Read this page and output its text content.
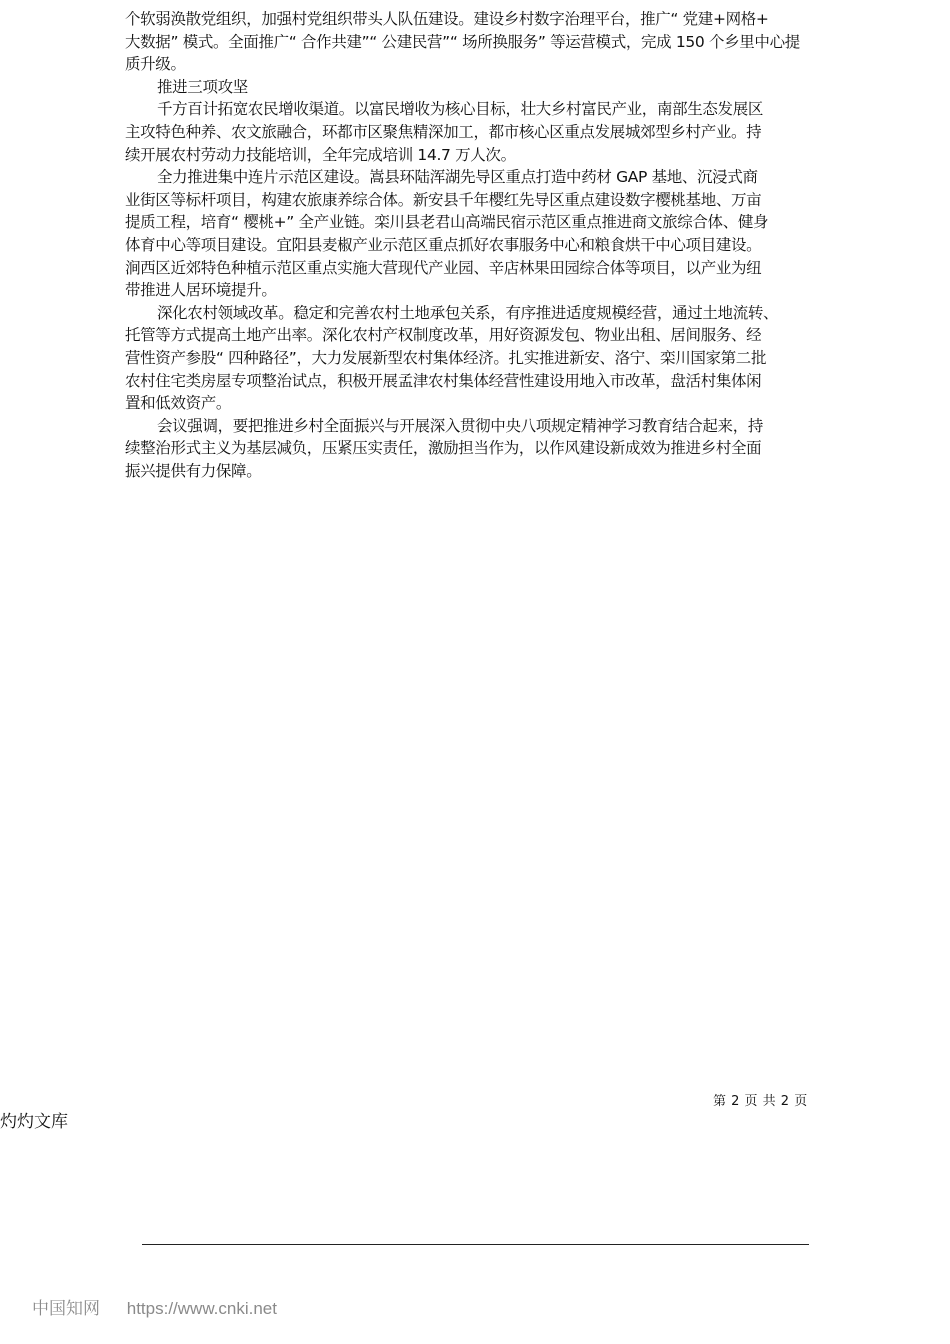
个软弱涣散党组织，加强村党组织带头人队伍建设。建设乡村数字治理平台，推广“ 党建+网格+
大数据” 模式。全面推广“ 合作共建”“ 公建民营”“ 场所换服务” 等运营模式，完成 150 个乡里中心提
质升级。
推进三项攻坚
千方百计拓宽农民增收渠道。以富民增收为核心目标，壮大乡村富民产业，南部生态发展区
主攻特色种养、农文旅融合，环都市区聚焦精深加工，都市核心区重点发展城郊型乡村产业。持
续开展农村劳动力技能培训，全年完成培训 14.7 万人次。
全力推进集中连片示范区建设。嵩县环陆浑湖先导区重点打造中药材 GAP 基地、沉浸式商
业街区等标杆项目，构建农旅康养综合体。新安县千年樱红先导区重点建设数字樱桃基地、万亩
提质工程，培育“ 樱桃+” 全产业链。栾川县老君山高端民宿示范区重点推进商文旅综合体、健身
体育中心等项目建设。宜阳县麦椒产业示范区重点抓好农事服务中心和粮食烘干中心项目建设。
涧西区近郊特色种植示范区重点实施大营现代产业园、辛店林果田园综合体等项目，以产业为纽
带推进人居环境提升。
深化农村领域改革。稳定和完善农村土地承包关系，有序推进适度规模经营，通过土地流转、
托管等方式提高土地产出率。深化农村产权制度改革，用好资源发包、物业出租、居间服务、经
营性资产参股“ 四种路径”，大力发展新型农村集体经济。扎实推进新安、洛宁、栾川国家第二批
农村住宅类房屋专项整治试点，积极开展孟津农村集体经营性建设用地入市改革，盘活村集体闲
置和低效资产。
会议强调，要把推进乡村全面振兴与开展深入贯彻中央八项规定精神学习教育结合起来，持
续整治形式主义为基层减负，压紧压实责任，激励担当作为，以作风建设新成效为推进乡村全面
振兴提供有力保障。
第 2 页 共 2 页
灼灼文库
中国知网 https://www.cnki.net
